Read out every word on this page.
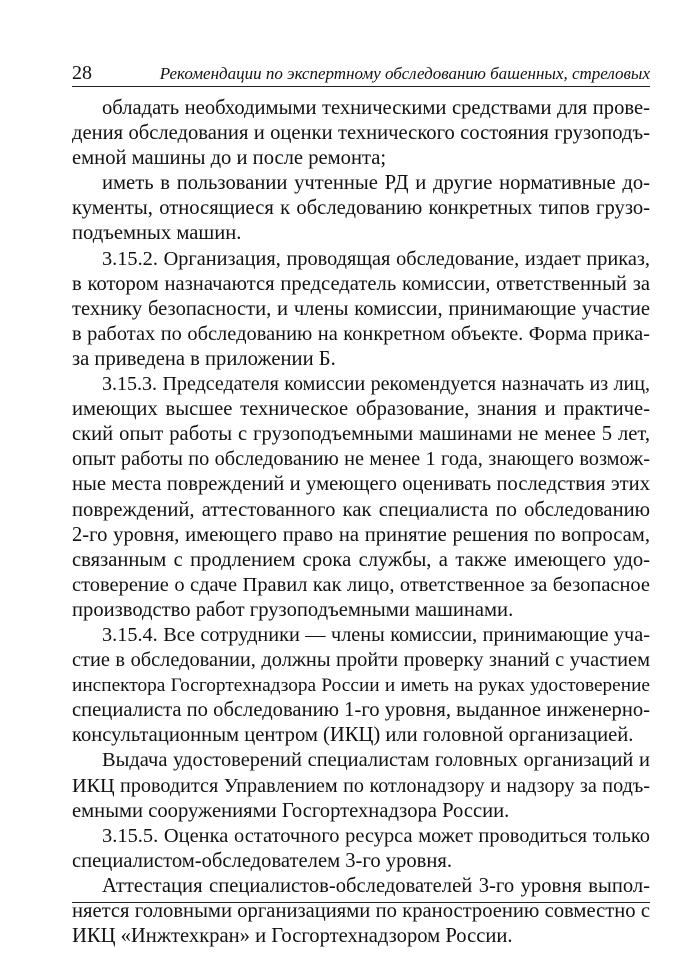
28	Рекомендации по экспертному обследованию башенных, стреловых
обладать необходимыми техническими средствами для прове-
дения обследования и оценки технического состояния грузоподъ-
емной машины до и после ремонта;
иметь в пользовании учтенные РД и другие нормативные до-
кументы, относящиеся к обследованию конкретных типов грузо-
подъемных машин.
3.15.2. Организация, проводящая обследование, издает приказ,
в котором назначаются председатель комиссии, ответственный за
технику безопасности, и члены комиссии, принимающие участие
в работах по обследованию на конкретном объекте. Форма прика-
за приведена в приложении Б.
3.15.3. Председателя комиссии рекомендуется назначать из лиц,
имеющих высшее техническое образование, знания и практиче-
ский опыт работы с грузоподъемными машинами не менее 5 лет,
опыт работы по обследованию не менее 1 года, знающего возмож-
ные места повреждений и умеющего оценивать последствия этих
повреждений, аттестованного как специалиста по обследованию
2-го уровня, имеющего право на принятие решения по вопросам,
связанным с продлением срока службы, а также имеющего удо-
стоверение о сдаче Правил как лицо, ответственное за безопасное
производство работ грузоподъемными машинами.
3.15.4. Все сотрудники — члены комиссии, принимающие уча-
стие в обследовании, должны пройти проверку знаний с участием
инспектора Госгортехнадзора России и иметь на руках удостоверение
специалиста по обследованию 1-го уровня, выданное инженерно-
консультационным центром (ИКЦ) или головной организацией.
Выдача удостоверений специалистам головных организаций и
ИКЦ проводится Управлением по котлонадзору и надзору за подъ-
емными сооружениями Госгортехнадзора России.
3.15.5. Оценка остаточного ресурса может проводиться только
специалистом-обследователем 3-го уровня.
Аттестация специалистов-обследователей 3-го уровня выпол-
няется головными организациями по краностроению совместно с
ИКЦ «Инжтехкран» и Госгортехнадзором России.
